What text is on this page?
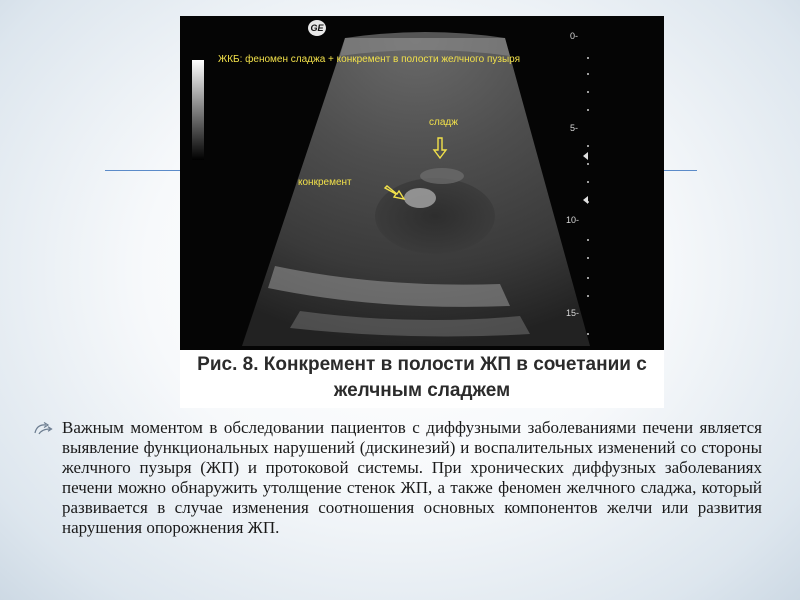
GE
ЖКБ: феномен сладжа + конкремент в полости желчного пузыря
сладж
конкремент
0-
5-
10-
15-
Рис. 8. Конкремент в полости ЖП в сочетании с
желчным сладжем
Важным моментом в обследовании пациентов с диффузными заболеваниями печени является выявление функциональных нарушений (дискинезий) и воспалительных изменений со стороны желчного пузыря (ЖП) и протоковой системы. При хронических диффузных заболеваниях печени можно обнаружить утолщение стенок ЖП, а также феномен желчного сладжа, который развивается в случае изменения соотношения основных компонентов желчи или развития нарушения опорожнения ЖП.
